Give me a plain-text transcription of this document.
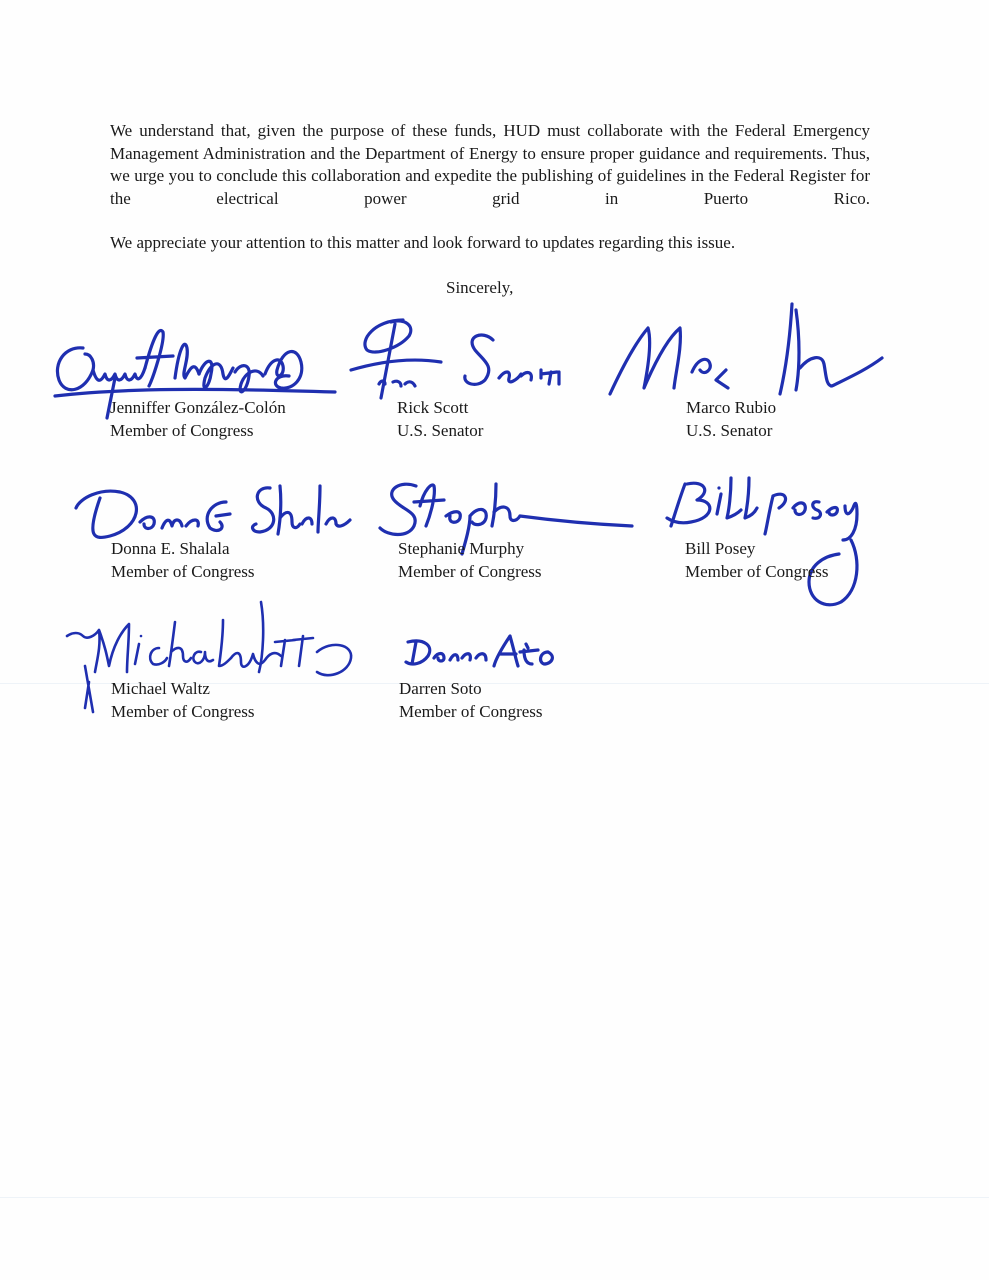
We understand that, given the purpose of these funds, HUD must collaborate with the Federal Emergency Management Administration and the Department of Energy to ensure proper guidance and requirements. Thus, we urge you to conclude this collaboration and expedite the publishing of guidelines in the Federal Register for the electrical power grid in Puerto Rico.

We appreciate your attention to this matter and look forward to updates regarding this issue.

Sincerely,

Jenniffer González-Colón
Member of Congress
Rick Scott
U.S. Senator
Marco Rubio
U.S. Senator
Donna E. Shalala
Member of Congress
Stephanie Murphy
Member of Congress
Bill Posey
Member of Congress
Michael Waltz
Member of Congress
Darren Soto
Member of Congress
